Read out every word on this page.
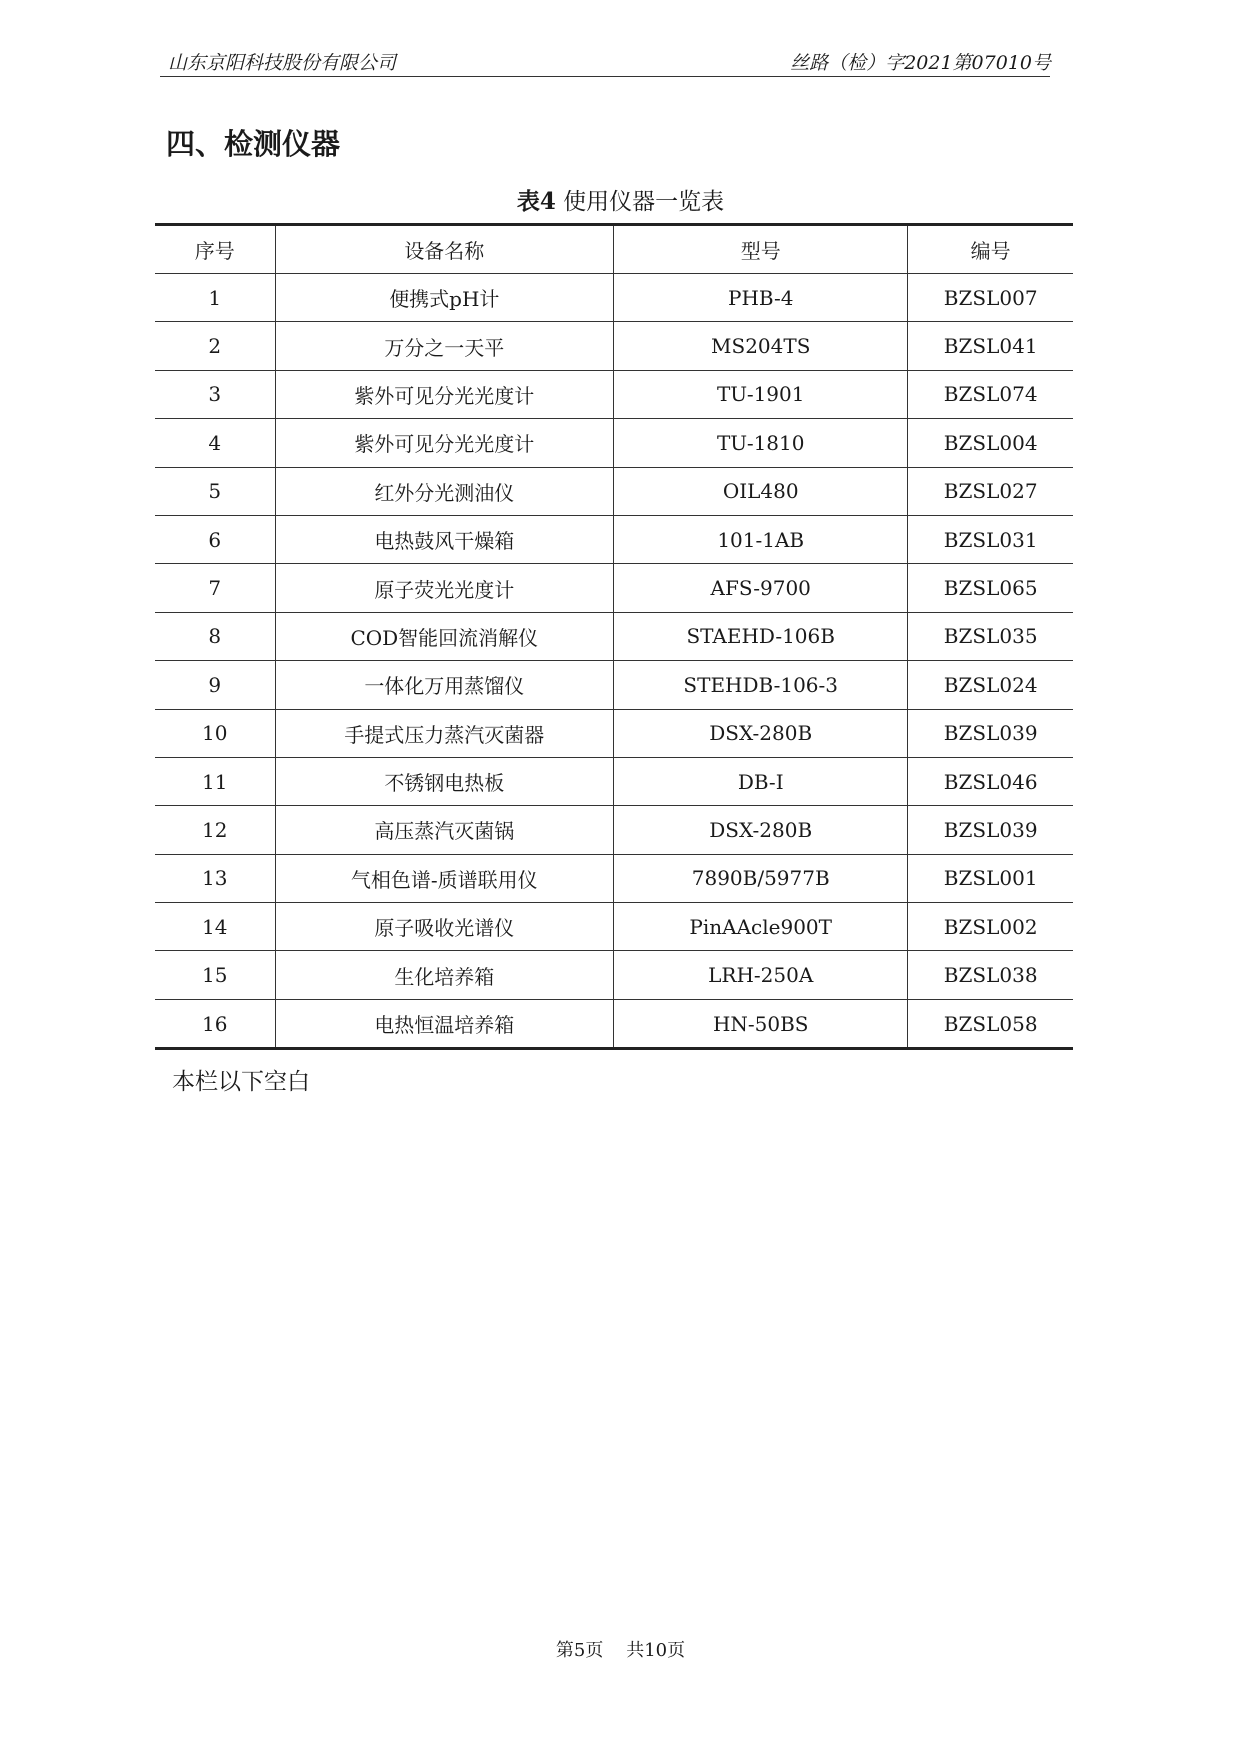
山东京阳科技股份有限公司	丝路（检）字2021第07010号
四、检测仪器
表4 使用仪器一览表
序号	设备名称	型号	编号
1	便携式pH计	PHB-4	BZSL007
2	万分之一天平	MS204TS	BZSL041
3	紫外可见分光光度计	TU-1901	BZSL074
4	紫外可见分光光度计	TU-1810	BZSL004
5	红外分光测油仪	OIL480	BZSL027
6	电热鼓风干燥箱	101-1AB	BZSL031
7	原子荧光光度计	AFS-9700	BZSL065
8	COD智能回流消解仪	STAEHD-106B	BZSL035
9	一体化万用蒸馏仪	STEHDB-106-3	BZSL024
10	手提式压力蒸汽灭菌器	DSX-280B	BZSL039
11	不锈钢电热板	DB-I	BZSL046
12	高压蒸汽灭菌锅	DSX-280B	BZSL039
13	气相色谱-质谱联用仪	7890B/5977B	BZSL001
14	原子吸收光谱仪	PinAAcle900T	BZSL002
15	生化培养箱	LRH-250A	BZSL038
16	电热恒温培养箱	HN-50BS	BZSL058
本栏以下空白
第5页 共10页
